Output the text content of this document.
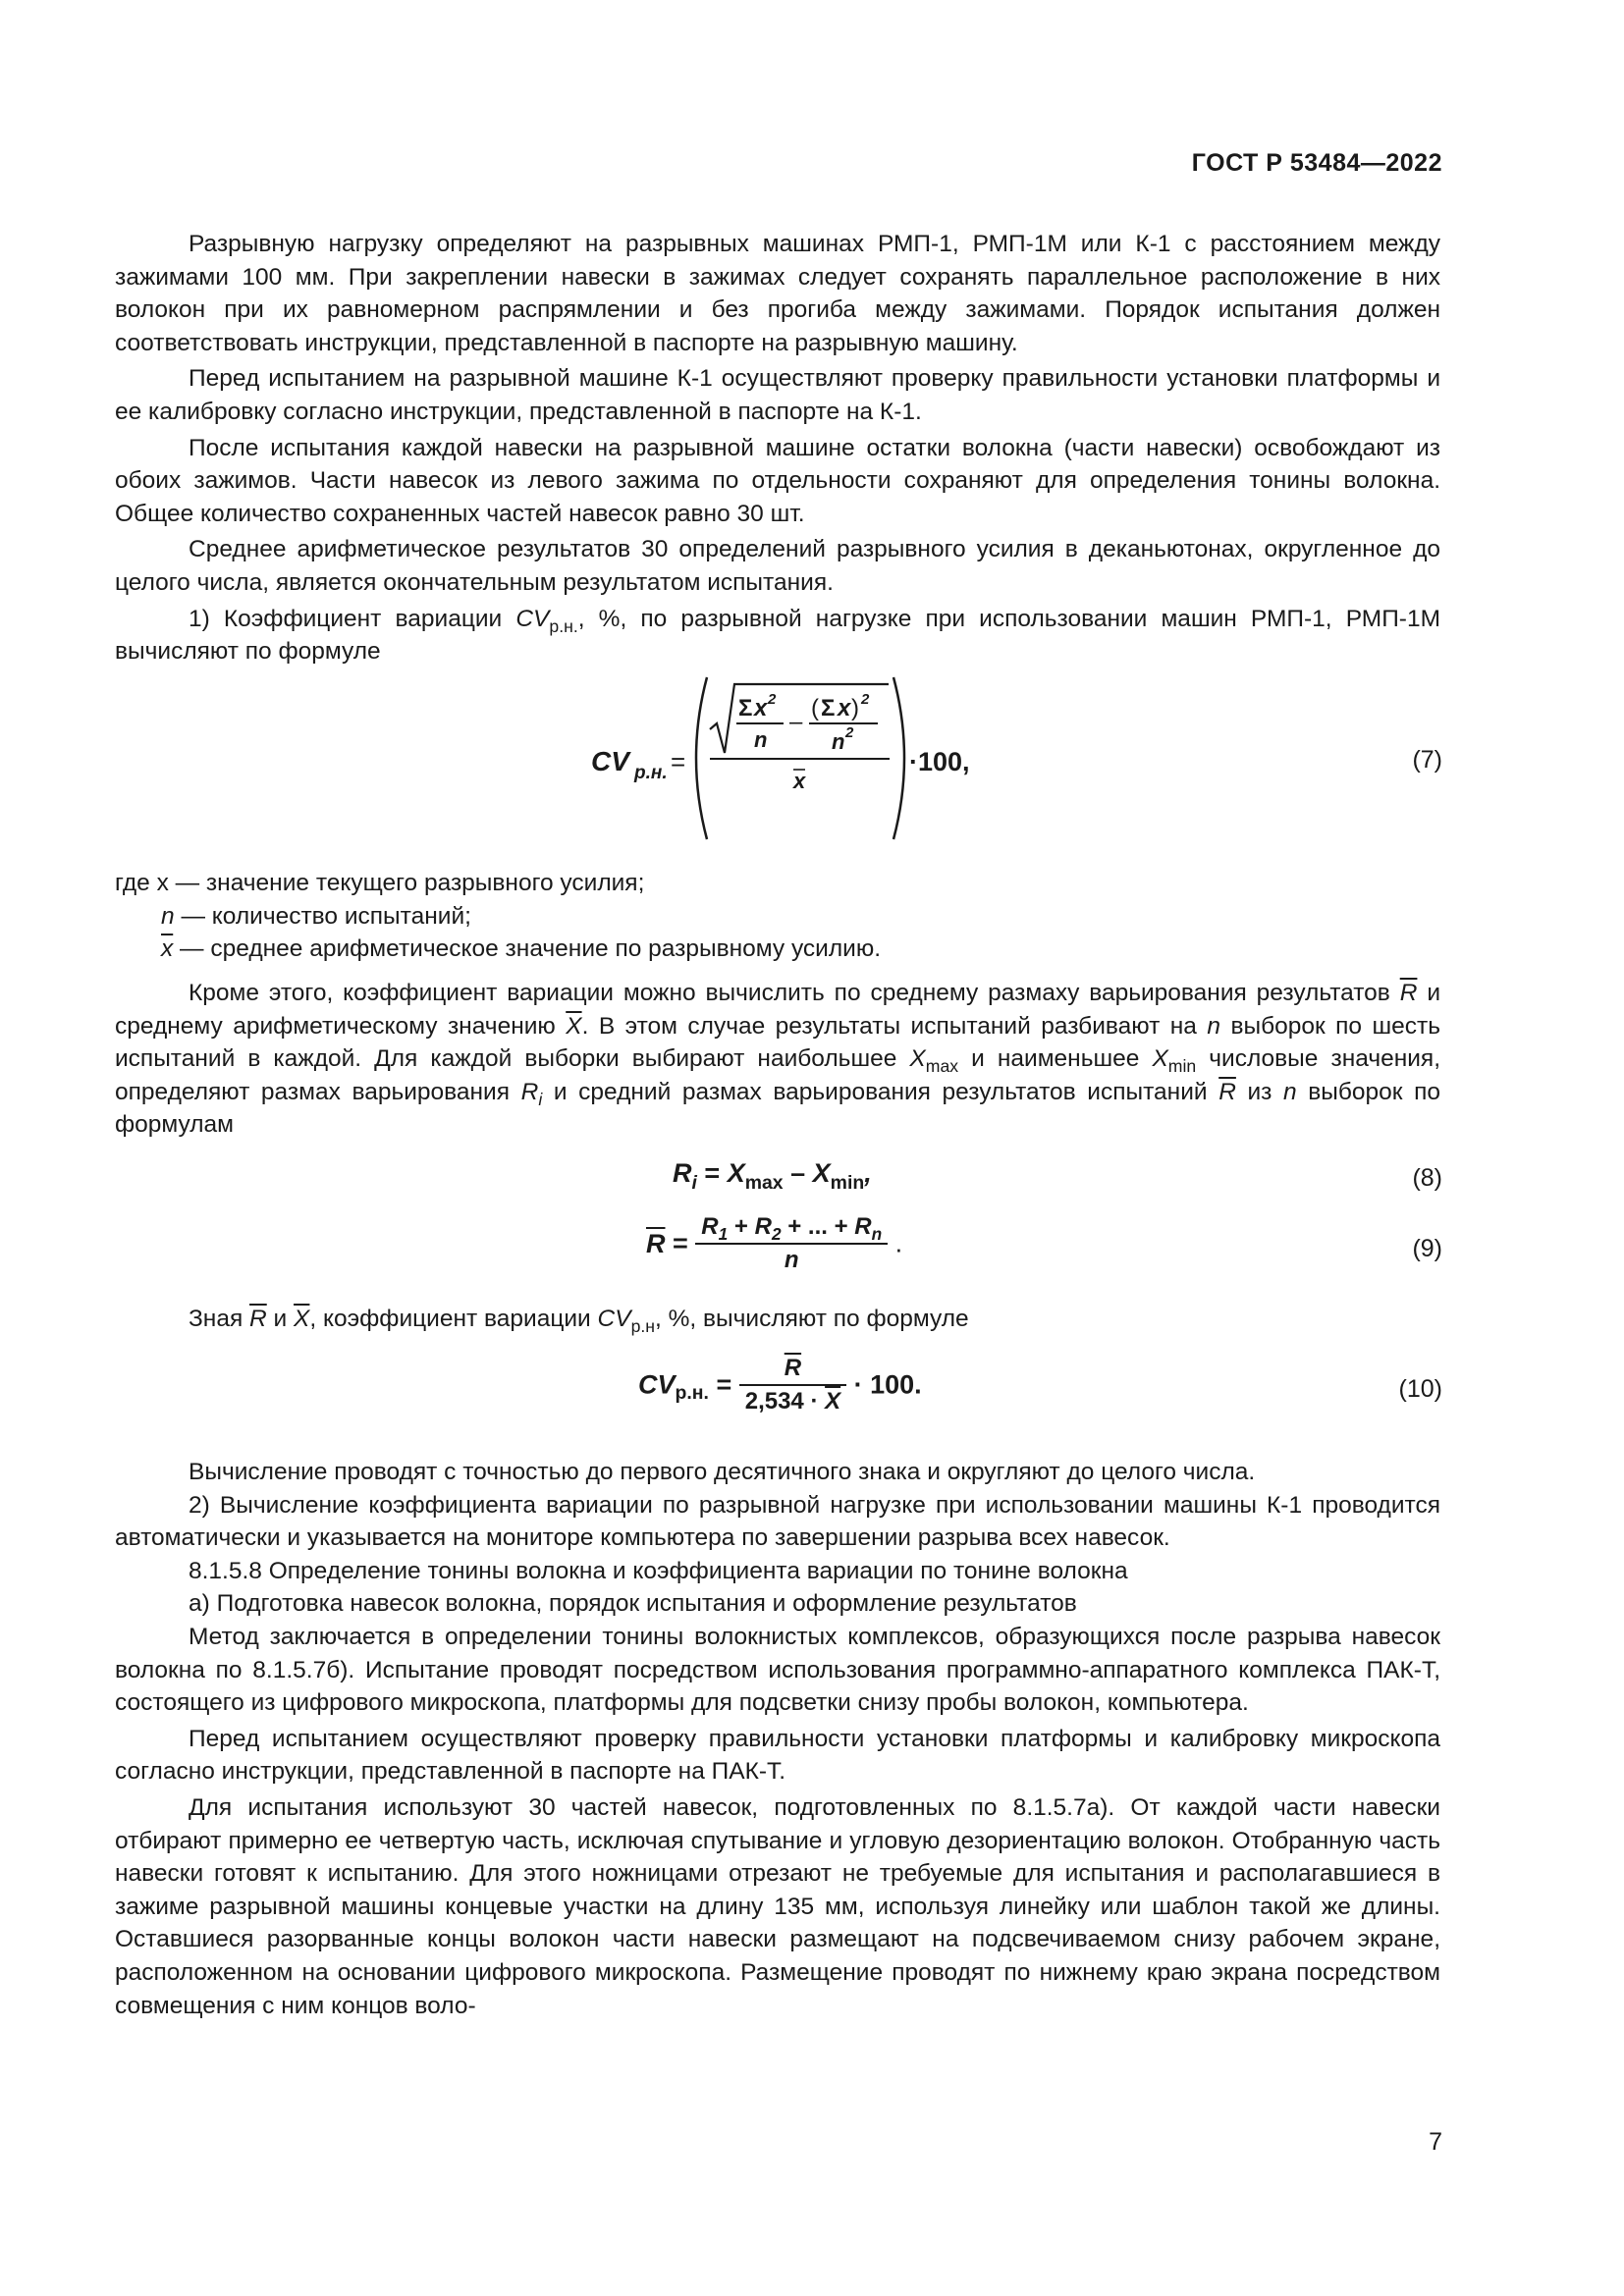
ГОСТ Р 53484—2022

Разрывную нагрузку определяют на разрывных машинах РМП-1, РМП-1М или К-1 с расстоянием между зажимами 100 мм. При закреплении навески в зажимах следует сохранять параллельное расположение в них волокон при их равномерном распрямлении и без прогиба между зажимами. Порядок испытания должен соответствовать инструкции, представленной в паспорте на разрывную машину.

Перед испытанием на разрывной машине К-1 осуществляют проверку правильности установки платформы и ее калибровку согласно инструкции, представленной в паспорте на К-1.

После испытания каждой навески на разрывной машине остатки волокна (части навески) освобождают из обоих зажимов. Части навесок из левого зажима по отдельности сохраняют для определения тонины волокна. Общее количество сохраненных частей навесок равно 30 шт.

Среднее арифметическое результатов 30 определений разрывного усилия в деканьютонах, округленное до целого числа, является окончательным результатом испытания.

1) Коэффициент вариации $CV_{р.н.}$, %, по разрывной нагрузке при использовании машин РМП-1, РМП-1М вычисляют по формуле

CV р.н. =
Σ x 2
n
–
( Σ x ) 2
n 2
x
·100,	(7)
где х — значение текущего разрывного усилия;
n — количество испытаний;
$\overline{x}$ — среднее арифметическое значение по разрывному усилию.

Кроме этого, коэффициент вариации можно вычислить по среднему размаху варьирования результатов $\overline{R}$ и среднему арифметическому значению $\overline{X}$. В этом случае результаты испытаний разбивают на n выборок по шесть испытаний в каждой. Для каждой выборки выбирают наибольшее $X_{max}$ и наименьшее $X_{min}$ числовые значения, определяют размах варьирования $R_i$ и средний размах варьирования результатов испытаний $\overline{R}$ из n выборок по формулам

$R_i = X_{max} - X_{min}$,	(8)
$\overline{R} = \frac{R_1 + R_2 + ... + R_n}{n}$ .	(9)
Зная $\overline{R}$ и $\overline{X}$, коэффициент вариации $CV_{р.н}$, %, вычисляют по формуле
$CV_{р.н.} = \frac{\overline{R}}{2,534 \cdot \overline{X}} \cdot 100$.	(10)

Вычисление проводят с точностью до первого десятичного знака и округляют до целого числа.

2) Вычисление коэффициента вариации по разрывной нагрузке при использовании машины К-1 проводится автоматически и указывается на мониторе компьютера по завершении разрыва всех навесок.

8.1.5.8 Определение тонины волокна и коэффициента вариации по тонине волокна

а) Подготовка навесок волокна, порядок испытания и оформление результатов

Метод заключается в определении тонины волокнистых комплексов, образующихся после разрыва навесок волокна по 8.1.5.7б). Испытание проводят посредством использования программно-аппаратного комплекса ПАК-Т, состоящего из цифрового микроскопа, платформы для подсветки снизу пробы волокон, компьютера.

Перед испытанием осуществляют проверку правильности установки платформы и калибровку микроскопа согласно инструкции, представленной в паспорте на ПАК-Т.

Для испытания используют 30 частей навесок, подготовленных по 8.1.5.7а). От каждой части навески отбирают примерно ее четвертую часть, исключая спутывание и угловую дезориентацию волокон. Отобранную часть навески готовят к испытанию. Для этого ножницами отрезают не требуемые для испытания и располагавшиеся в зажиме разрывной машины концевые участки на длину 135 мм, используя линейку или шаблон такой же длины. Оставшиеся разорванные концы волокон части навески размещают на подсвечиваемом снизу рабочем экране, расположенном на основании цифрового микроскопа. Размещение проводят по нижнему краю экрана посредством совмещения с ним концов воло-

7
